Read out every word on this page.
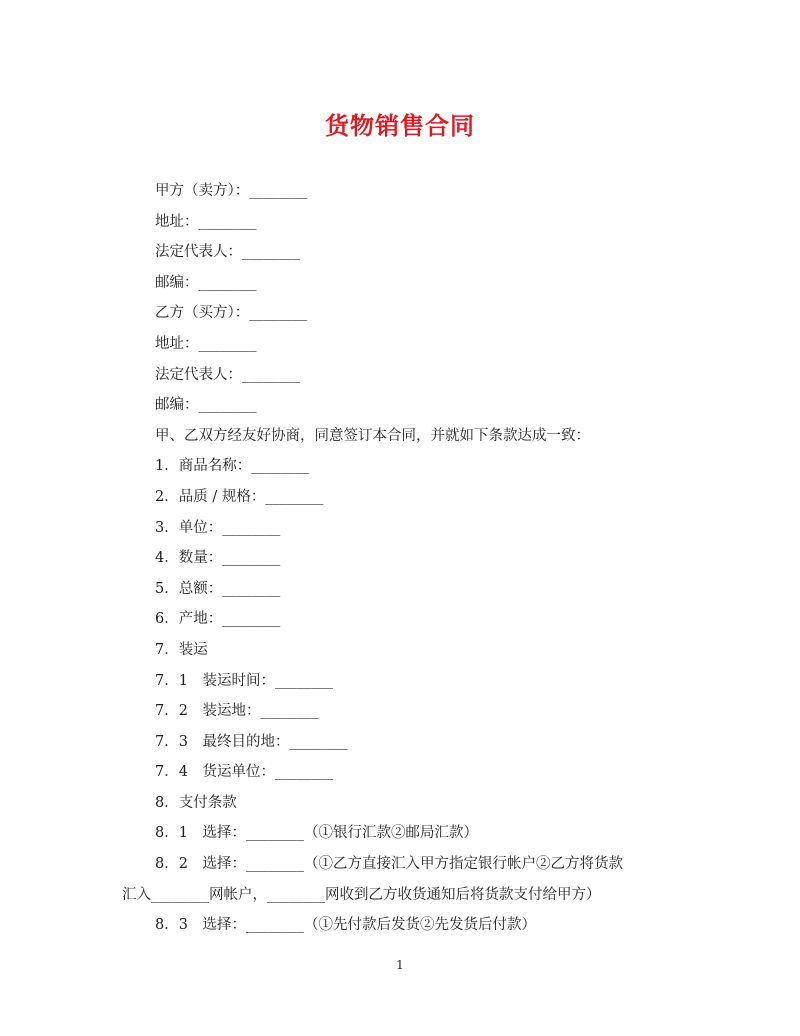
货物销售合同
甲方（卖方）：________
地址：________
法定代表人：________
邮编：________
乙方（买方）：________
地址：________
法定代表人：________
邮编：________
甲、乙双方经友好协商，同意签订本合同，并就如下条款达成一致：
1．商品名称：________
2．品质 / 规格：________
3．单位：________
4．数量：________
5．总额：________
6．产地：________
7．装运
7．1　装运时间：________
7．2　装运地：________
7．3　最终目的地：________
7．4　货运单位：________
8．支付条款
8．1　选择：________（①银行汇款②邮局汇款）
8．2　选择：________（①乙方直接汇入甲方指定银行帐户②乙方将货款
汇入________网帐户，________网收到乙方收货通知后将货款支付给甲方）
8．3　选择：________（①先付款后发货②先发货后付款）
1
